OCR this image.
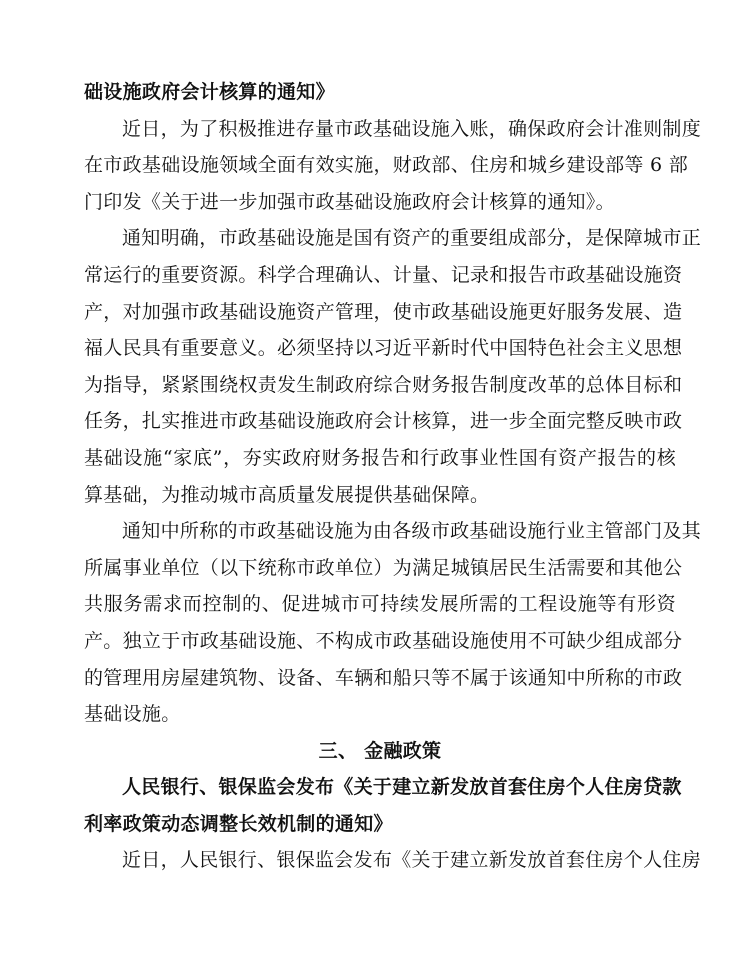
础设施政府会计核算的通知》
近日，为了积极推进存量市政基础设施入账，确保政府会计准则制度
在市政基础设施领域全面有效实施，财政部、住房和城乡建设部等 6 部
门印发《关于进一步加强市政基础设施政府会计核算的通知》。
通知明确，市政基础设施是国有资产的重要组成部分，是保障城市正
常运行的重要资源。科学合理确认、计量、记录和报告市政基础设施资
产，对加强市政基础设施资产管理，使市政基础设施更好服务发展、造
福人民具有重要意义。必须坚持以习近平新时代中国特色社会主义思想
为指导，紧紧围绕权责发生制政府综合财务报告制度改革的总体目标和
任务，扎实推进市政基础设施政府会计核算，进一步全面完整反映市政
基础设施“家底”，夯实政府财务报告和行政事业性国有资产报告的核
算基础，为推动城市高质量发展提供基础保障。
通知中所称的市政基础设施为由各级市政基础设施行业主管部门及其
所属事业单位（以下统称市政单位）为满足城镇居民生活需要和其他公
共服务需求而控制的、促进城市可持续发展所需的工程设施等有形资
产。独立于市政基础设施、不构成市政基础设施使用不可缺少组成部分
的管理用房屋建筑物、设备、车辆和船只等不属于该通知中所称的市政
基础设施。
三、 金融政策
人民银行、银保监会发布《关于建立新发放首套住房个人住房贷款
利率政策动态调整长效机制的通知》
近日，人民银行、银保监会发布《关于建立新发放首套住房个人住房
